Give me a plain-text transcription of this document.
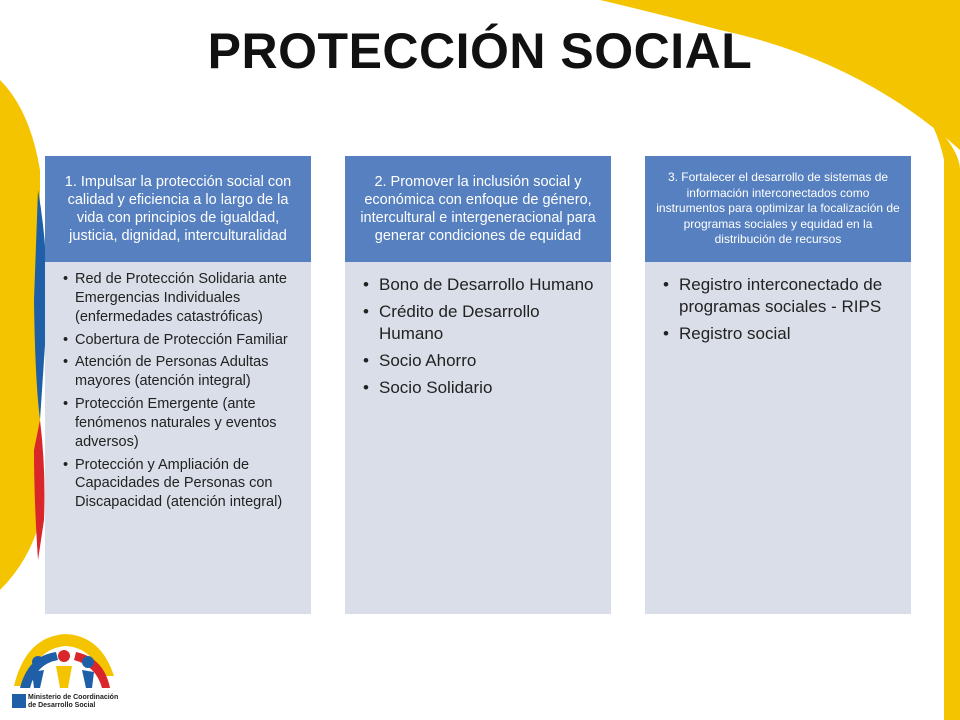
PROTECCIÓN SOCIAL
1. Impulsar la protección social con calidad y eficiencia a lo largo de la vida con principios de igualdad, justicia, dignidad, interculturalidad
• Red de Protección Solidaria ante Emergencias Individuales (enfermedades catastróficas)
• Cobertura de Protección Familiar
• Atención de Personas Adultas mayores (atención integral)
• Protección Emergente (ante fenómenos naturales y eventos adversos)
• Protección y Ampliación de Capacidades de Personas con Discapacidad (atención integral)
2. Promover la inclusión social y económica con enfoque de género, intercultural e intergeneracional para generar condiciones de equidad
• Bono de Desarrollo Humano
• Crédito de Desarrollo Humano
• Socio Ahorro
• Socio Solidario
3. Fortalecer el desarrollo de sistemas de información interconectados como instrumentos para optimizar la focalización de programas sociales y equidad en la distribución de recursos
• Registro interconectado de programas sociales - RIPS
• Registro social
Ministerio de Coordinación
de Desarrollo Social
